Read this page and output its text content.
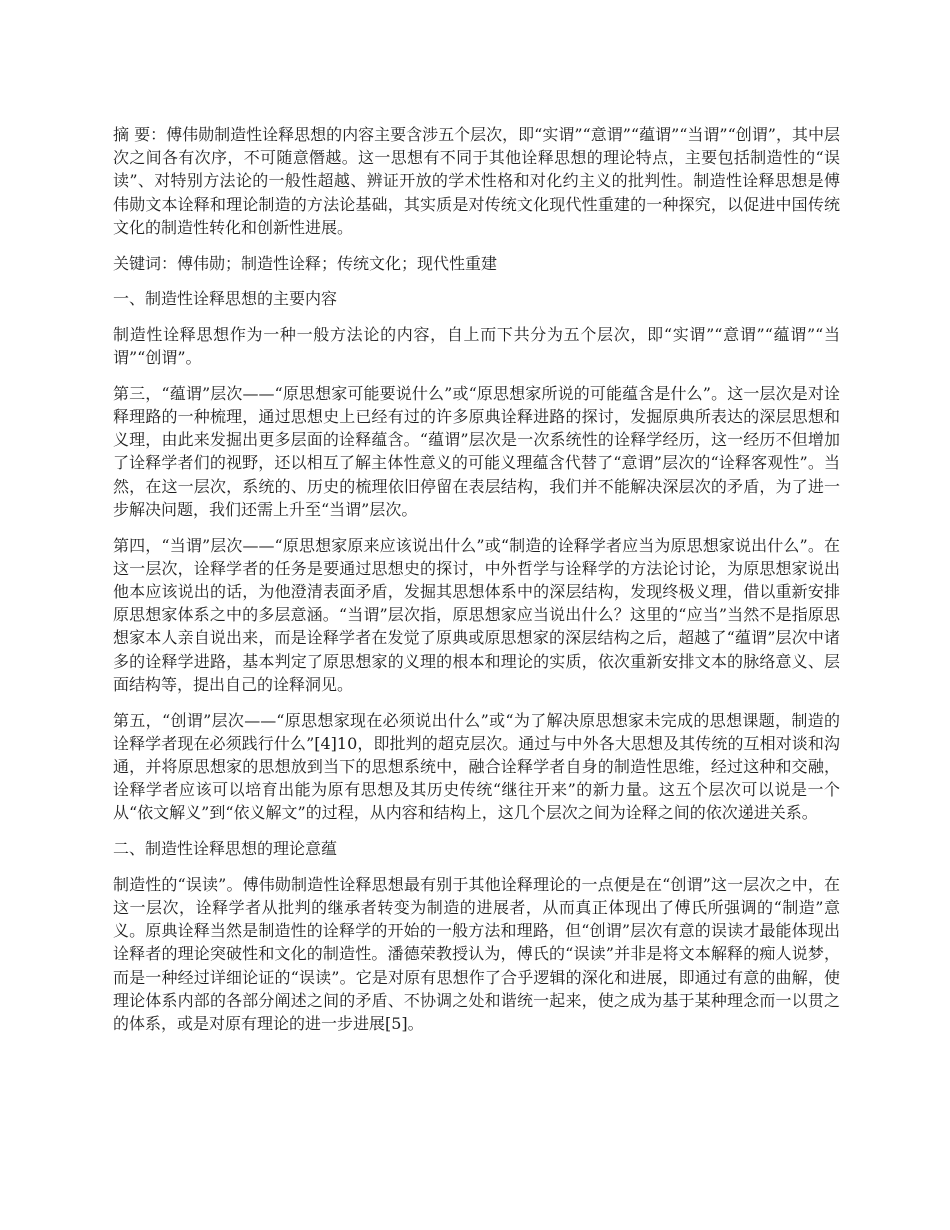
摘 要：傅伟勋制造性诠释思想的内容主要含涉五个层次，即“实谓”“意谓”“蕴谓”“当谓”“创谓”，其中层次之间各有次序，不可随意僭越。这一思想有不同于其他诠释思想的理论特点，主要包括制造性的“误读”、对特别方法论的一般性超越、辨证开放的学术性格和对化约主义的批判性。制造性诠释思想是傅伟勋文本诠释和理论制造的方法论基础，其实质是对传统文化现代性重建的一种探究，以促进中国传统文化的制造性转化和创新性进展。

关键词：傅伟勋；制造性诠释；传统文化；现代性重建

一、制造性诠释思想的主要内容

制造性诠释思想作为一种一般方法论的内容，自上而下共分为五个层次，即“实谓”“意谓”“蕴谓”“当谓”“创谓”。

第三，“蕴谓”层次——“原思想家可能要说什么”或“原思想家所说的可能蕴含是什么”。这一层次是对诠释理路的一种梳理，通过思想史上已经有过的许多原典诠释进路的探讨，发掘原典所表达的深层思想和义理，由此来发掘出更多层面的诠释蕴含。“蕴谓”层次是一次系统性的诠释学经历，这一经历不但增加了诠释学者们的视野，还以相互了解主体性意义的可能义理蕴含代替了“意谓”层次的“诠释客观性”。当然，在这一层次，系统的、历史的梳理依旧停留在表层结构，我们并不能解决深层次的矛盾，为了进一步解决问题，我们还需上升至“当谓”层次。

第四，“当谓”层次——“原思想家原来应该说出什么”或“制造的诠释学者应当为原思想家说出什么”。在这一层次，诠释学者的任务是要通过思想史的探讨，中外哲学与诠释学的方法论讨论，为原思想家说出他本应该说出的话，为他澄清表面矛盾，发掘其思想体系中的深层结构，发现终极义理，借以重新安排原思想家体系之中的多层意涵。“当谓”层次指，原思想家应当说出什么？这里的“应当”当然不是指原思想家本人亲自说出来，而是诠释学者在发觉了原典或原思想家的深层结构之后，超越了“蕴谓”层次中诸多的诠释学进路，基本判定了原思想家的义理的根本和理论的实质，依次重新安排文本的脉络意义、层面结构等，提出自己的诠释洞见。

第五，“创谓”层次——“原思想家现在必须说出什么”或“为了解决原思想家未完成的思想课题，制造的诠释学者现在必须践行什么”[4]10，即批判的超克层次。通过与中外各大思想及其传统的互相对谈和沟通，并将原思想家的思想放到当下的思想系统中，融合诠释学者自身的制造性思维，经过这种和交融，诠释学者应该可以培育出能为原有思想及其历史传统“继往开来”的新力量。这五个层次可以说是一个从“依文解义”到“依义解文”的过程，从内容和结构上，这几个层次之间为诠释之间的依次递进关系。

二、制造性诠释思想的理论意蕴

制造性的“误读”。傅伟勋制造性诠释思想最有别于其他诠释理论的一点便是在“创谓”这一层次之中，在这一层次，诠释学者从批判的继承者转变为制造的进展者，从而真正体现出了傅氏所强调的“制造”意义。原典诠释当然是制造性的诠释学的开始的一般方法和理路，但“创谓”层次有意的误读才最能体现出诠释者的理论突破性和文化的制造性。潘德荣教授认为，傅氏的“误读”并非是将文本解释的痴人说梦，而是一种经过详细论证的“误读”。它是对原有思想作了合乎逻辑的深化和进展，即通过有意的曲解，使理论体系内部的各部分阐述之间的矛盾、不协调之处和谐统一起来，使之成为基于某种理念而一以贯之的体系，或是对原有理论的进一步进展[5]。
